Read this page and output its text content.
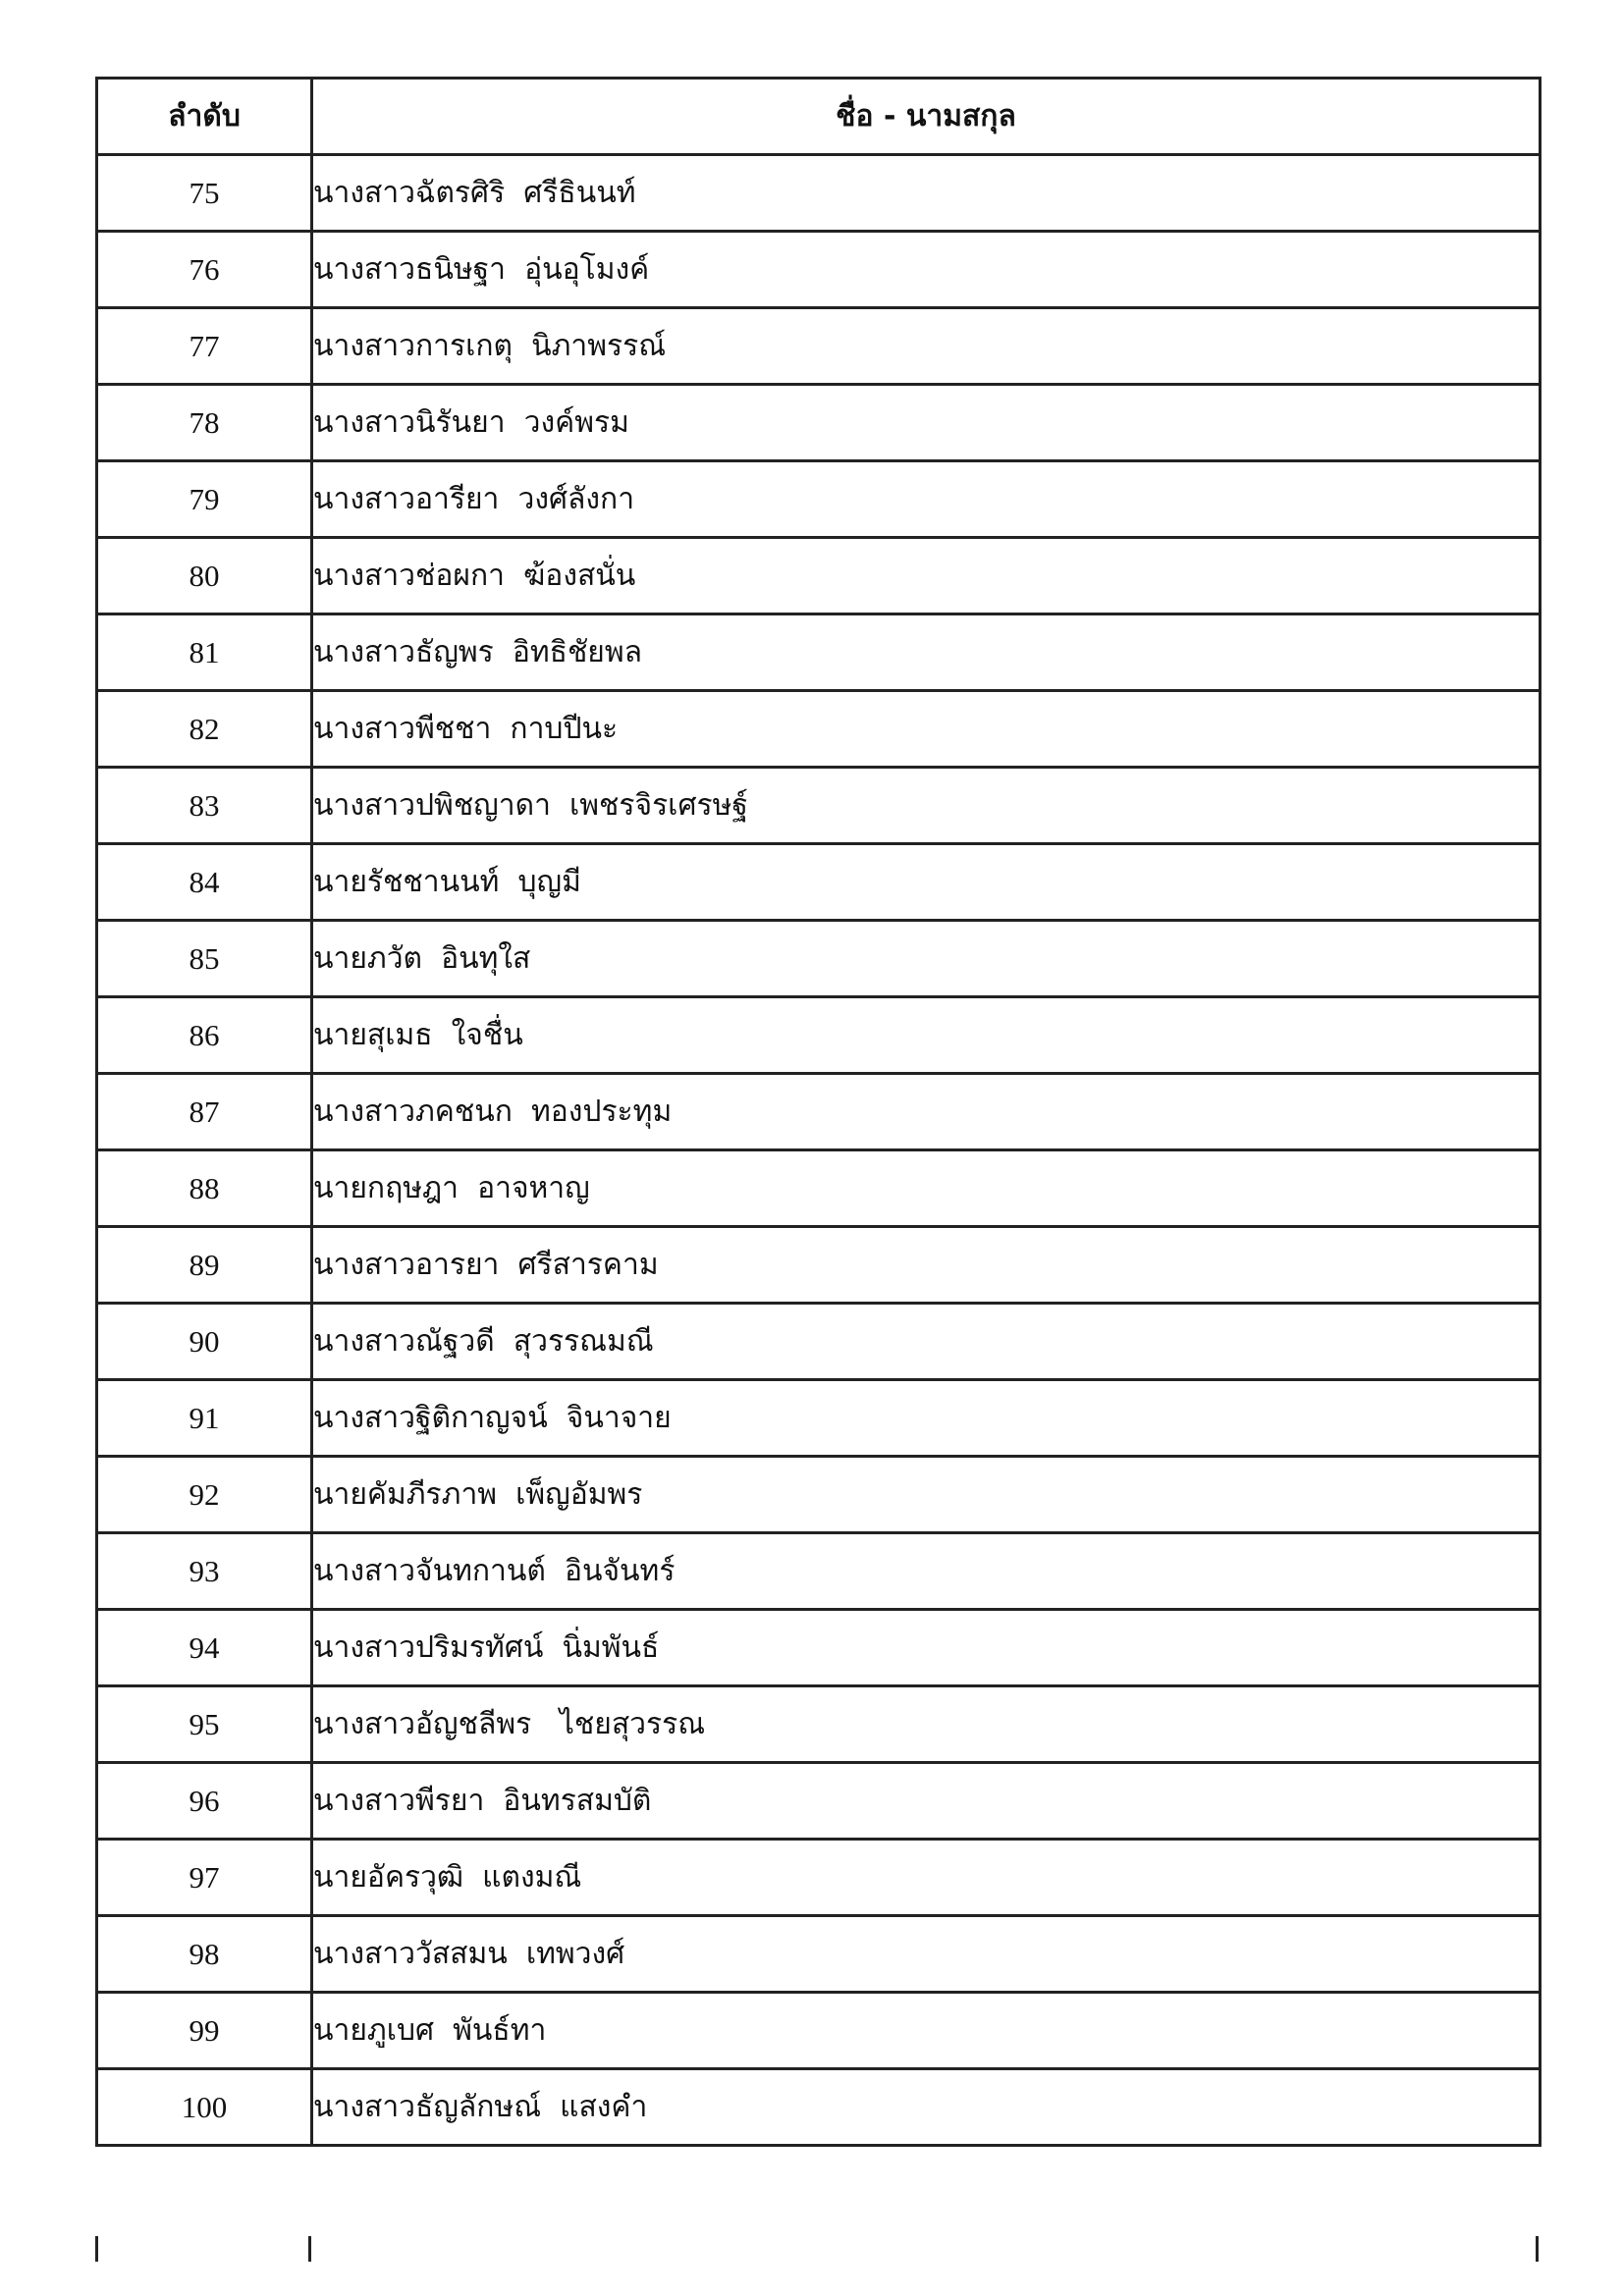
ลำดับ	ชื่อ - นามสกุล
75	นางสาวฉัตรศิริ  ศรีธินนท์
76	นางสาวธนิษฐา  อุ่นอุโมงค์
77	นางสาวการเกตุ  นิภาพรรณ์
78	นางสาวนิรันยา  วงค์พรม
79	นางสาวอารียา  วงศ์ลังกา
80	นางสาวช่อผกา  ฆ้องสนั่น
81	นางสาวธัญพร  อิทธิชัยพล
82	นางสาวพีชชา  กาบปีนะ
83	นางสาวปพิชญาดา  เพชรจิรเศรษฐ์
84	นายรัชชานนท์  บุญมี
85	นายภวัต  อินทุใส
86	นายสุเมธ  ใจชื่น
87	นางสาวภคชนก  ทองประทุม
88	นายกฤษฎา  อาจหาญ
89	นางสาวอารยา  ศรีสารคาม
90	นางสาวณัฐวดี  สุวรรณมณี
91	นางสาวฐิติกาญจน์  จินาจาย
92	นายคัมภีรภาพ  เพ็ญอัมพร
93	นางสาวจันทกานต์  อินจันทร์
94	นางสาวปริมรทัศน์  นิ่มพันธ์
95	นางสาวอัญชลีพร   ไชยสุวรรณ
96	นางสาวพีรยา  อินทรสมบัติ
97	นายอัครวุฒิ  แตงมณี
98	นางสาววัสสมน  เทพวงศ์
99	นายภูเบศ  พันธ์ทา
100	นางสาวธัญลักษณ์  แสงคำ
